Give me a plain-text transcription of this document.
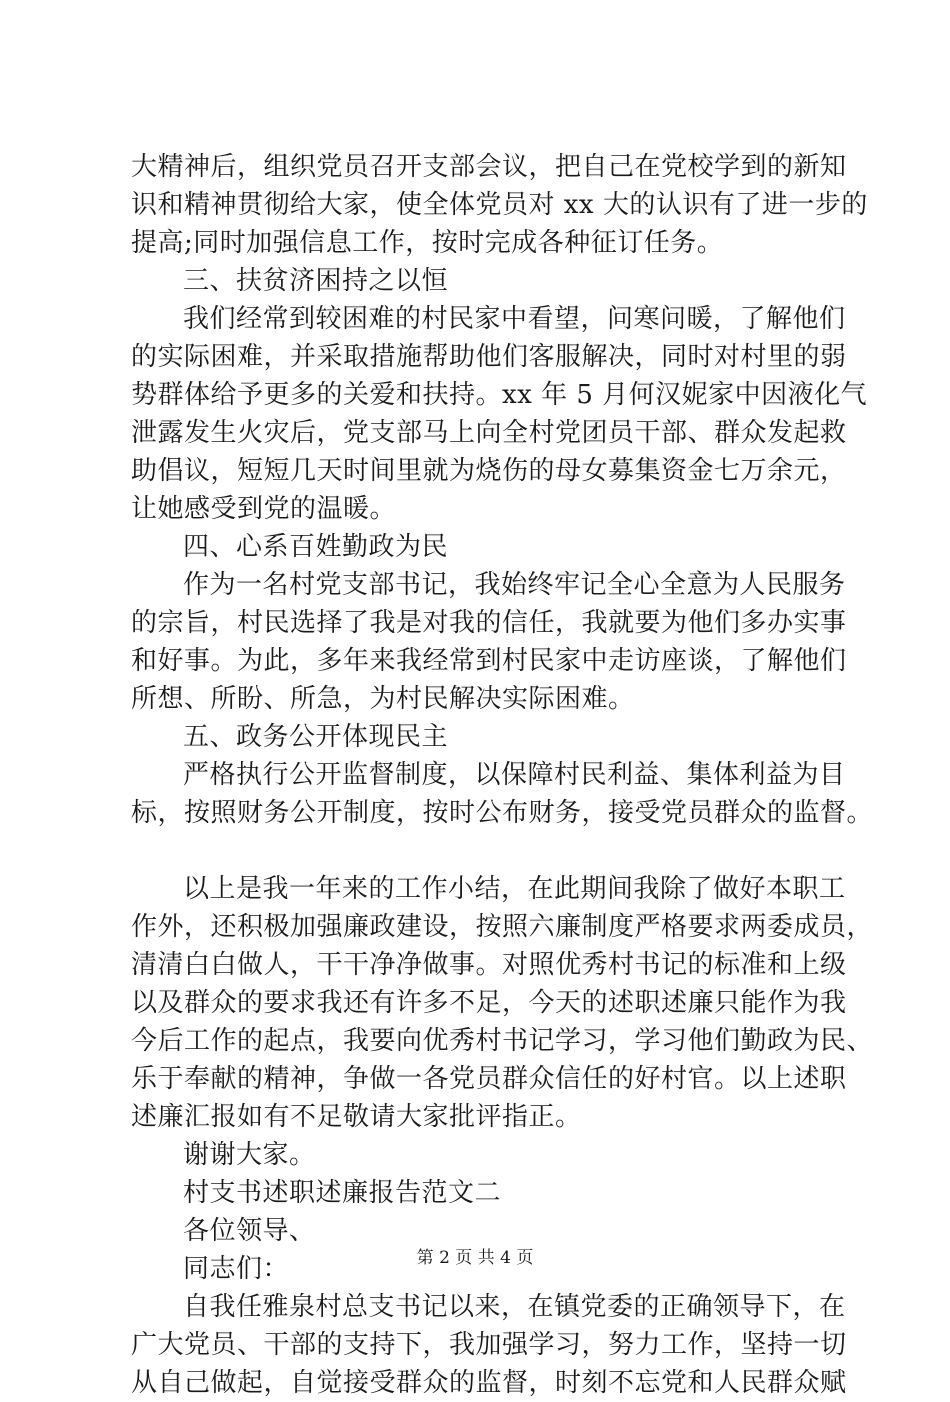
大精神后，组织党员召开支部会议，把自己在党校学到的新知
识和精神贯彻给大家，使全体党员对 xx 大的认识有了进一步的
提高;同时加强信息工作，按时完成各种征订任务。
三、扶贫济困持之以恒
我们经常到较困难的村民家中看望，问寒问暖，了解他们
的实际困难，并采取措施帮助他们客服解决，同时对村里的弱
势群体给予更多的关爱和扶持。xx 年 5 月何汉妮家中因液化气
泄露发生火灾后，党支部马上向全村党团员干部、群众发起救
助倡议，短短几天时间里就为烧伤的母女募集资金七万余元，
让她感受到党的温暖。
四、心系百姓勤政为民
作为一名村党支部书记，我始终牢记全心全意为人民服务
的宗旨，村民选择了我是对我的信任，我就要为他们多办实事
和好事。为此，多年来我经常到村民家中走访座谈，了解他们
所想、所盼、所急，为村民解决实际困难。
五、政务公开体现民主
严格执行公开监督制度，以保障村民利益、集体利益为目
标，按照财务公开制度，按时公布财务，接受党员群众的监督。
以上是我一年来的工作小结，在此期间我除了做好本职工
作外，还积极加强廉政建设，按照六廉制度严格要求两委成员，
清清白白做人，干干净净做事。对照优秀村书记的标准和上级
以及群众的要求我还有许多不足，今天的述职述廉只能作为我
今后工作的起点，我要向优秀村书记学习，学习他们勤政为民、
乐于奉献的精神，争做一各党员群众信任的好村官。以上述职
述廉汇报如有不足敬请大家批评指正。
谢谢大家。
村支书述职述廉报告范文二
各位领导、
同志们：
自我任雅泉村总支书记以来，在镇党委的正确领导下，在
广大党员、干部的支持下，我加强学习，努力工作，坚持一切
从自己做起，自觉接受群众的监督，时刻不忘党和人民群众赋
第 2 页 共 4 页
